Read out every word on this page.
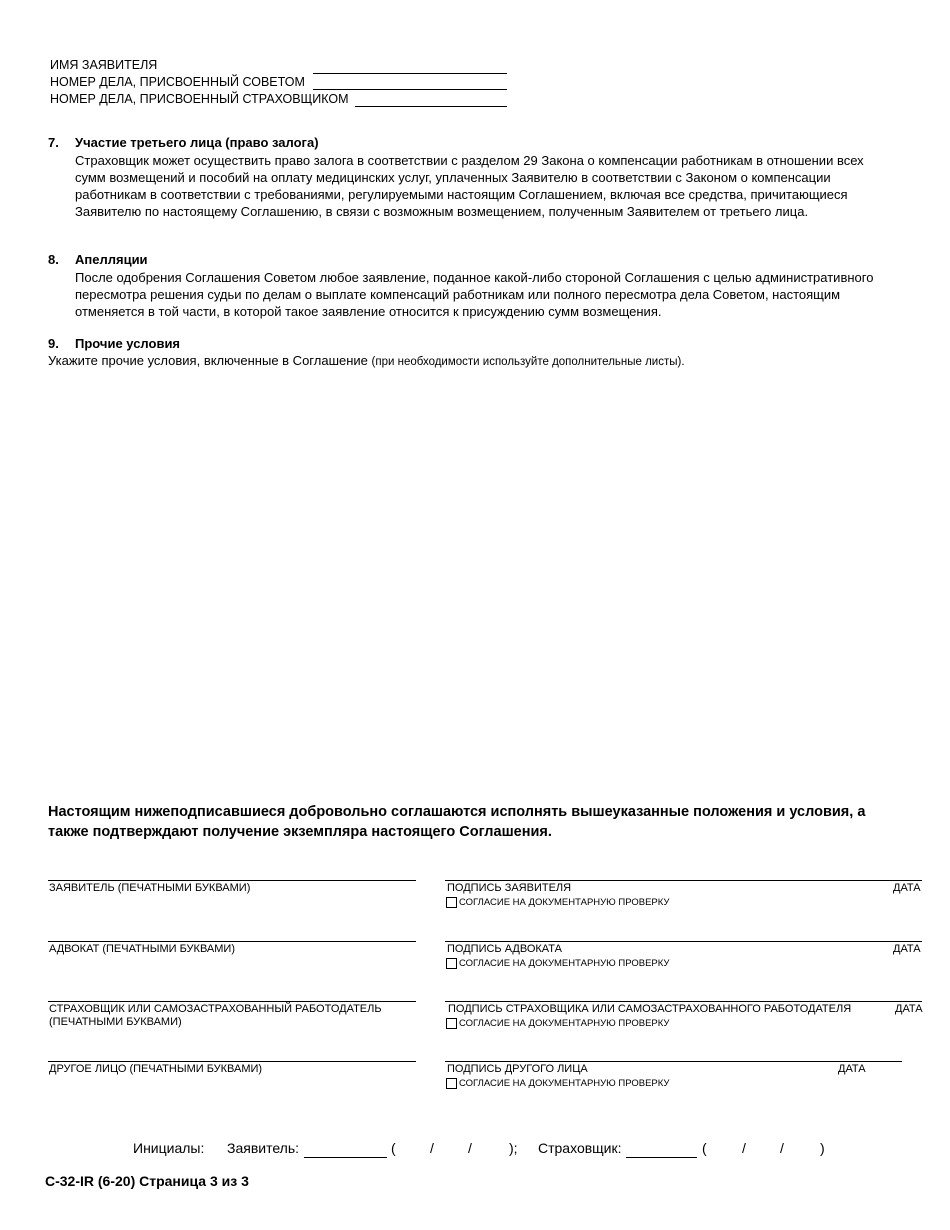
ИМЯ ЗАЯВИТЕЛЯ
НОМЕР ДЕЛА, ПРИСВОЕННЫЙ СОВЕТОМ
НОМЕР ДЕЛА, ПРИСВОЕННЫЙ СТРАХОВЩИКОМ
7. Участие третьего лица (право залога)
Страховщик может осуществить право залога в соответствии с разделом 29 Закона о компенсации работникам в отношении всех сумм возмещений и пособий на оплату медицинских услуг, уплаченных Заявителю в соответствии с Законом о компенсации работникам в соответствии с требованиями, регулируемыми настоящим Соглашением, включая все средства, причитающиеся Заявителю по настоящему Соглашению, в связи с возможным возмещением, полученным Заявителем от третьего лица.
8. Апелляции
После одобрения Соглашения Советом любое заявление, поданное какой-либо стороной Соглашения с целью административного пересмотра решения судьи по делам о выплате компенсаций работникам или полного пересмотра дела Советом, настоящим отменяется в той части, в которой такое заявление относится к присуждению сумм возмещения.
9. Прочие условия
Укажите прочие условия, включенные в Соглашение (при необходимости используйте дополнительные листы).
Настоящим нижеподписавшиеся добровольно соглашаются исполнять вышеуказанные положения и условия, а также подтверждают получение экземпляра настоящего Соглашения.
ЗАЯВИТЕЛЬ (ПЕЧАТНЫМИ БУКВАМИ)	ПОДПИСЬ ЗАЯВИТЕЛЯ	ДАТА
СОГЛАСИЕ НА ДОКУМЕНТАРНУЮ ПРОВЕРКУ
АДВОКАТ (ПЕЧАТНЫМИ БУКВАМИ)	ПОДПИСЬ АДВОКАТА	ДАТА
СОГЛАСИЕ НА ДОКУМЕНТАРНУЮ ПРОВЕРКУ
СТРАХОВЩИК ИЛИ САМОЗАСТРАХОВАННЫЙ РАБОТОДАТЕЛЬ
(ПЕЧАТНЫМИ БУКВАМИ)
ПОДПИСЬ СТРАХОВЩИКА ИЛИ САМОЗАСТРАХОВАННОГО РАБОТОДАТЕЛЯ	ДАТА
СОГЛАСИЕ НА ДОКУМЕНТАРНУЮ ПРОВЕРКУ
ДРУГОЕ ЛИЦО (ПЕЧАТНЫМИ БУКВАМИ)	ПОДПИСЬ ДРУГОГО ЛИЦА	ДАТА
СОГЛАСИЕ НА ДОКУМЕНТАРНУЮ ПРОВЕРКУ
Инициалы: Заявитель:	( / /	); Страховщик:	(	/ /	)
C-32-IR (6-20) Страница 3 из 3
